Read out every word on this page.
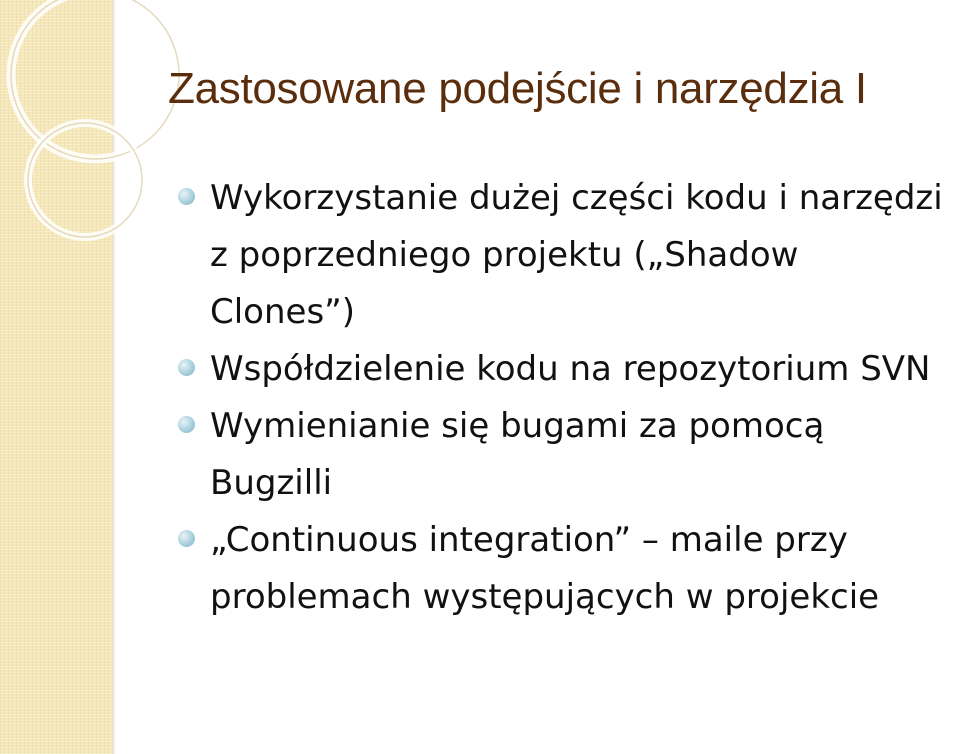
Zastosowane podejście i narzędzia I
Wykorzystanie dużej części kodu i narzędzi z poprzedniego projektu („Shadow Clones”)
Współdzielenie kodu na repozytorium SVN
Wymienianie się bugami za pomocą Bugzilli
„Continuous integration” – maile przy problemach występujących w projekcie
